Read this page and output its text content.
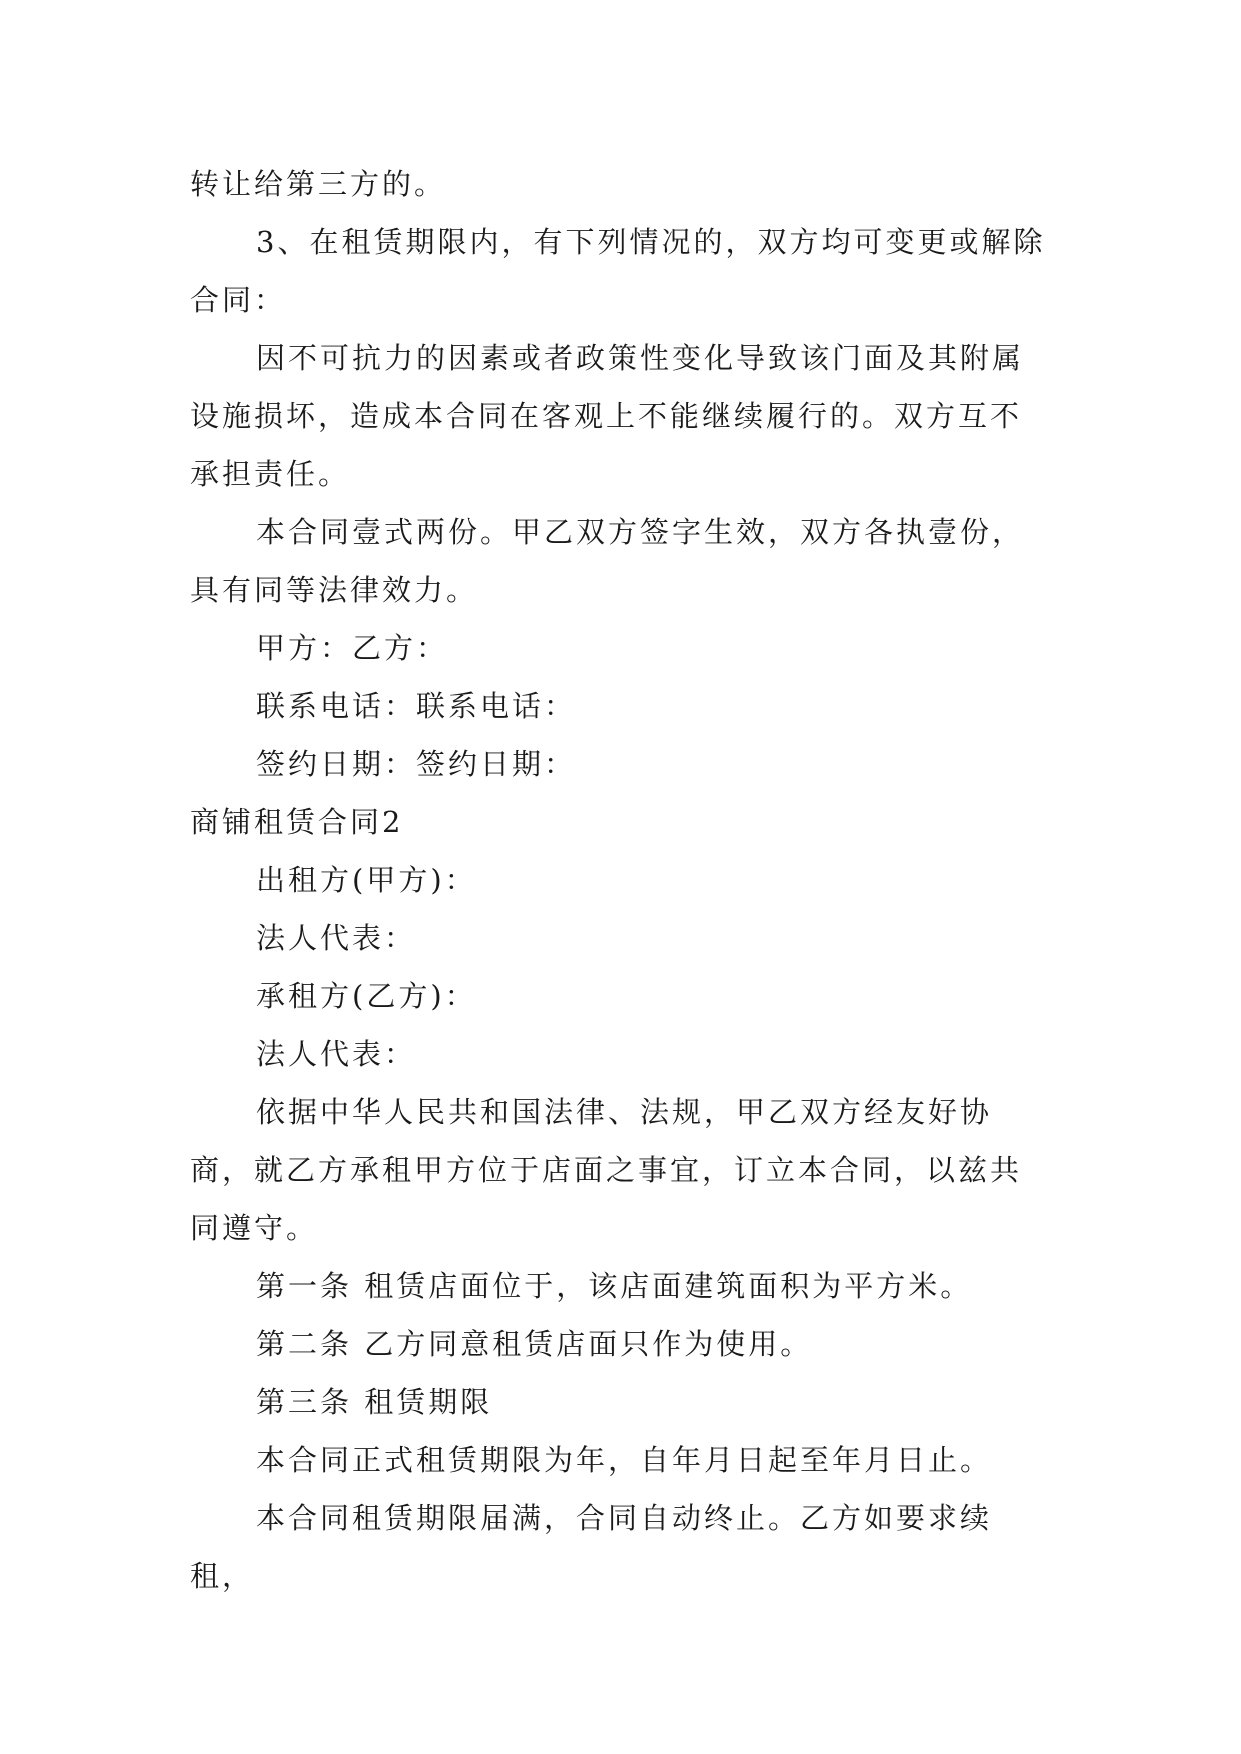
转让给第三方的。

3、在租赁期限内，有下列情况的，双方均可变更或解除合同：

因不可抗力的因素或者政策性变化导致该门面及其附属设施损坏，造成本合同在客观上不能继续履行的。双方互不承担责任。

本合同壹式两份。甲乙双方签字生效，双方各执壹份，具有同等法律效力。

甲方：乙方：

联系电话：联系电话：

签约日期：签约日期：

商铺租赁合同2

出租方(甲方)：

法人代表：

承租方(乙方)：

法人代表：

依据中华人民共和国法律、法规，甲乙双方经友好协商，就乙方承租甲方位于店面之事宜，订立本合同，以兹共同遵守。

第一条 租赁店面位于，该店面建筑面积为平方米。

第二条 乙方同意租赁店面只作为使用。

第三条 租赁期限

本合同正式租赁期限为年，自年月日起至年月日止。

本合同租赁期限届满，合同自动终止。乙方如要求续租，
